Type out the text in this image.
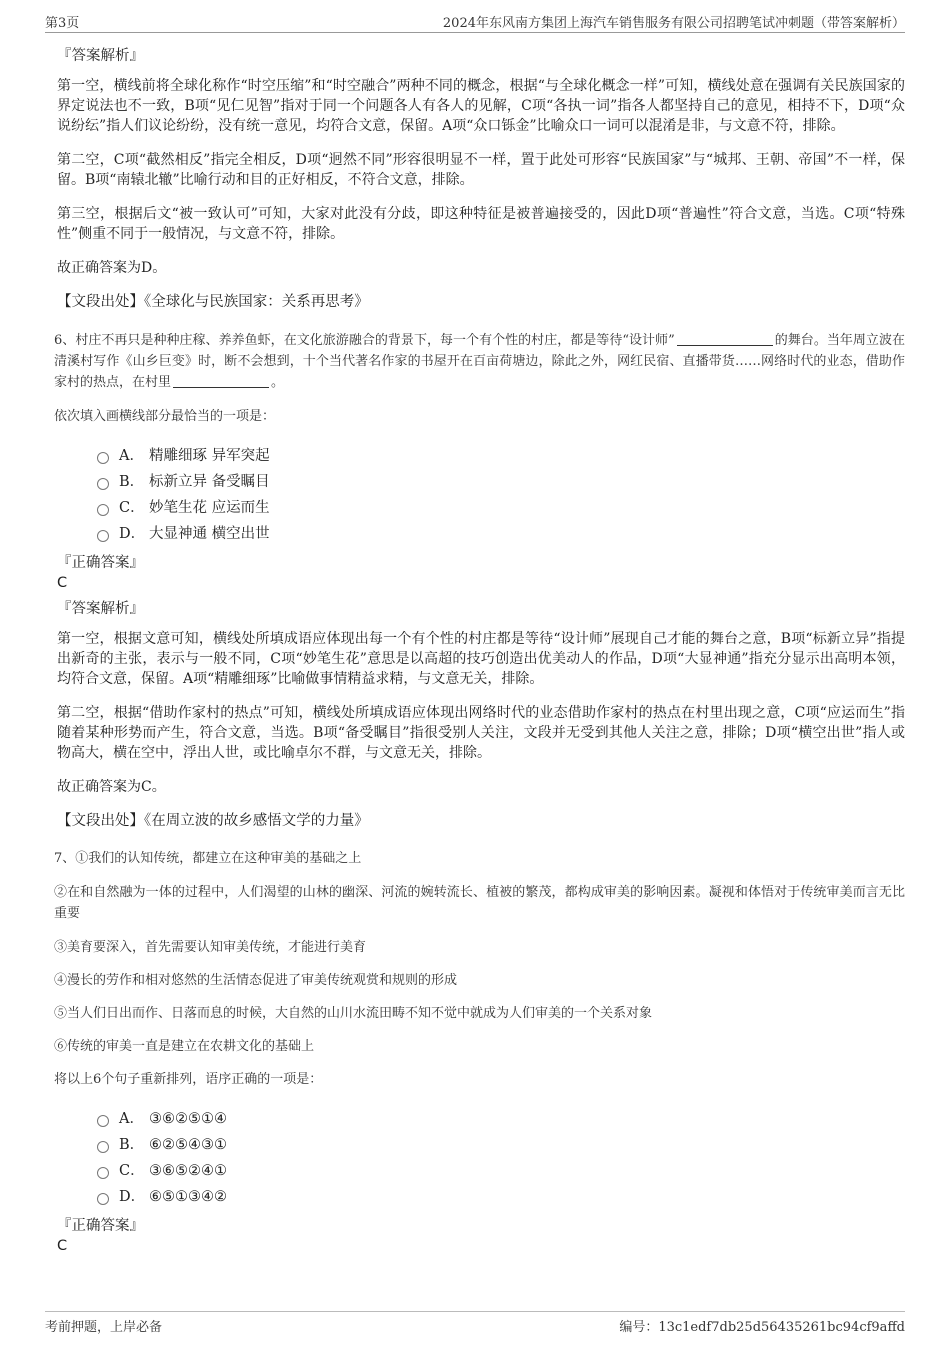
第3页	2024年东风南方集团上海汽车销售服务有限公司招聘笔试冲刺题（带答案解析）
『答案解析』

第一空，横线前将全球化称作“时空压缩”和“时空融合”两种不同的概念，根据“与全球化概念一样”可知，横线处意在强调有关民族国家的界定说法也不一致，B项“见仁见智”指对于同一个问题各人有各人的见解，C项“各执一词”指各人都坚持自己的意见，相持不下，D项“众说纷纭”指人们议论纷纷，没有统一意见，均符合文意，保留。A项“众口铄金”比喻众口一词可以混淆是非，与文意不符，排除。

第二空，C项“截然相反”指完全相反，D项“迥然不同”形容很明显不一样，置于此处可形容“民族国家”与“城邦、王朝、帝国”不一样，保留。B项“南辕北辙”比喻行动和目的正好相反，不符合文意，排除。

第三空，根据后文“被一致认可”可知，大家对此没有分歧，即这种特征是被普遍接受的，因此D项“普遍性”符合文意，当选。C项“特殊性”侧重不同于一般情况，与文意不符，排除。

故正确答案为D。

【文段出处】《全球化与民族国家：关系再思考》
6、村庄不再只是种种庄稼、养养鱼虾，在文化旅游融合的背景下，每一个有个性的村庄，都是等待“设计师”	的舞台。当年周立波在清溪村写作《山乡巨变》时，断不会想到，十个当代著名作家的书屋开在百亩荷塘边，除此之外，网红民宿、直播带货……网络时代的业态，借助作家村的热点，在村里	。
依次填入画横线部分最恰当的一项是：
A． 精雕细琢 异军突起
B． 标新立异 备受瞩目
C． 妙笔生花 应运而生
D． 大显神通 横空出世
『正确答案』
C
『答案解析』

第一空，根据文意可知，横线处所填成语应体现出每一个有个性的村庄都是等待“设计师”展现自己才能的舞台之意，B项“标新立异”指提出新奇的主张，表示与一般不同，C项“妙笔生花”意思是以高超的技巧创造出优美动人的作品，D项“大显神通”指充分显示出高明本领，均符合文意，保留。A项“精雕细琢”比喻做事情精益求精，与文意无关，排除。

第二空，根据“借助作家村的热点”可知，横线处所填成语应体现出网络时代的业态借助作家村的热点在村里出现之意，C项“应运而生”指随着某种形势而产生，符合文意，当选。B项“备受瞩目”指很受别人关注，文段并无受到其他人关注之意，排除；D项“横空出世”指人或物高大，横在空中，浮出人世，或比喻卓尔不群，与文意无关，排除。

故正确答案为C。

【文段出处】《在周立波的故乡感悟文学的力量》
7、①我们的认知传统，都建立在这种审美的基础之上
②在和自然融为一体的过程中，人们渴望的山林的幽深、河流的婉转流长、植被的繁茂，都构成审美的影响因素。凝视和体悟对于传统审美而言无比重要
③美育要深入，首先需要认知审美传统，才能进行美育
④漫长的劳作和相对悠然的生活情态促进了审美传统观赏和规则的形成
⑤当人们日出而作、日落而息的时候，大自然的山川水流田畴不知不觉中就成为人们审美的一个关系对象
⑥传统的审美一直是建立在农耕文化的基础上
将以上6个句子重新排列，语序正确的一项是：
A． ③⑥②⑤①④
B． ⑥②⑤④③①
C． ③⑥⑤②④①
D． ⑥⑤①③④②
『正确答案』
C
考前押题，上岸必备	编号：13c1edf7db25d56435261bc94cf9affd
